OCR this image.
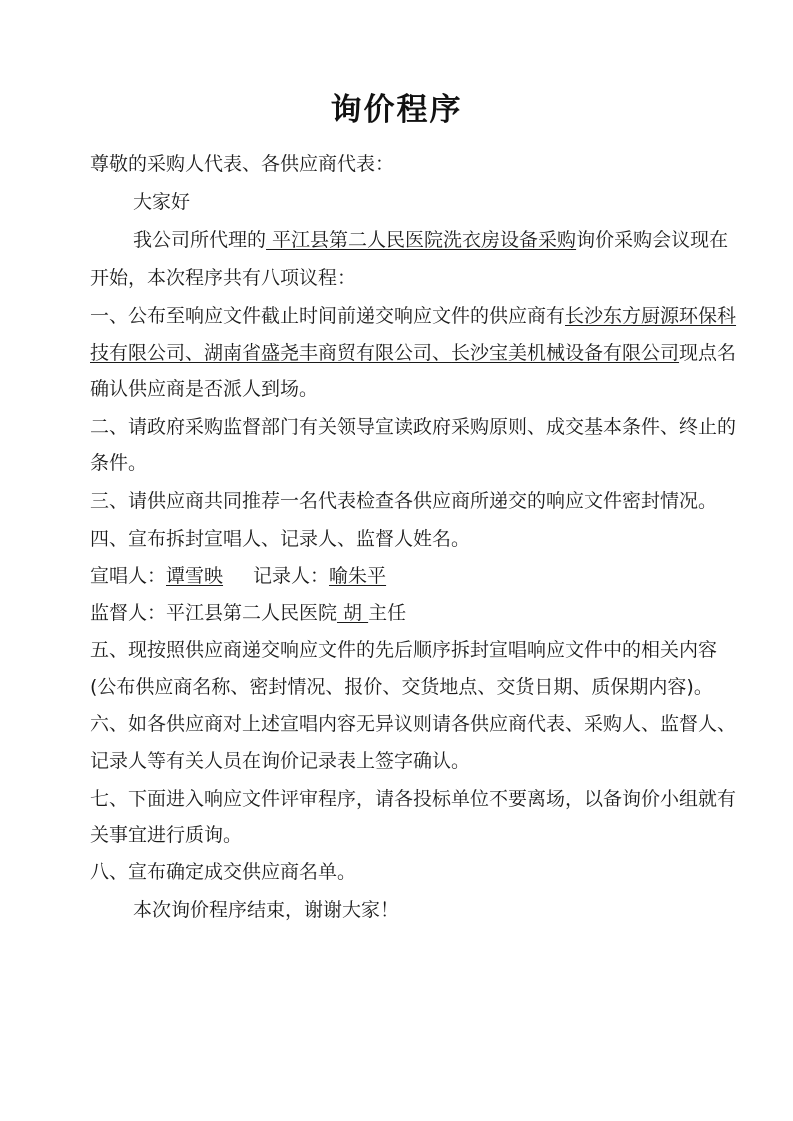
询价程序
尊敬的采购人代表、各供应商代表：
大家好
我公司所代理的 平江县第二人民医院洗衣房设备采购询价采购会议现在
开始，本次程序共有八项议程：
一、公布至响应文件截止时间前递交响应文件的供应商有长沙东方厨源环保科
技有限公司、湖南省盛尧丰商贸有限公司、长沙宝美机械设备有限公司现点名
确认供应商是否派人到场。
二、请政府采购监督部门有关领导宣读政府采购原则、成交基本条件、终止的
条件。
三、请供应商共同推荐一名代表检查各供应商所递交的响应文件密封情况。
四、宣布拆封宣唱人、记录人、监督人姓名。
宣唱人：谭雪映 记录人：喻朱平
监督人：平江县第二人民医院 胡 主任
五、现按照供应商递交响应文件的先后顺序拆封宣唱响应文件中的相关内容
(公布供应商名称、密封情况、报价、交货地点、交货日期、质保期内容)。
六、如各供应商对上述宣唱内容无异议则请各供应商代表、采购人、监督人、
记录人等有关人员在询价记录表上签字确认。
七、下面进入响应文件评审程序，请各投标单位不要离场，以备询价小组就有
关事宜进行质询。
八、宣布确定成交供应商名单。
本次询价程序结束，谢谢大家！
